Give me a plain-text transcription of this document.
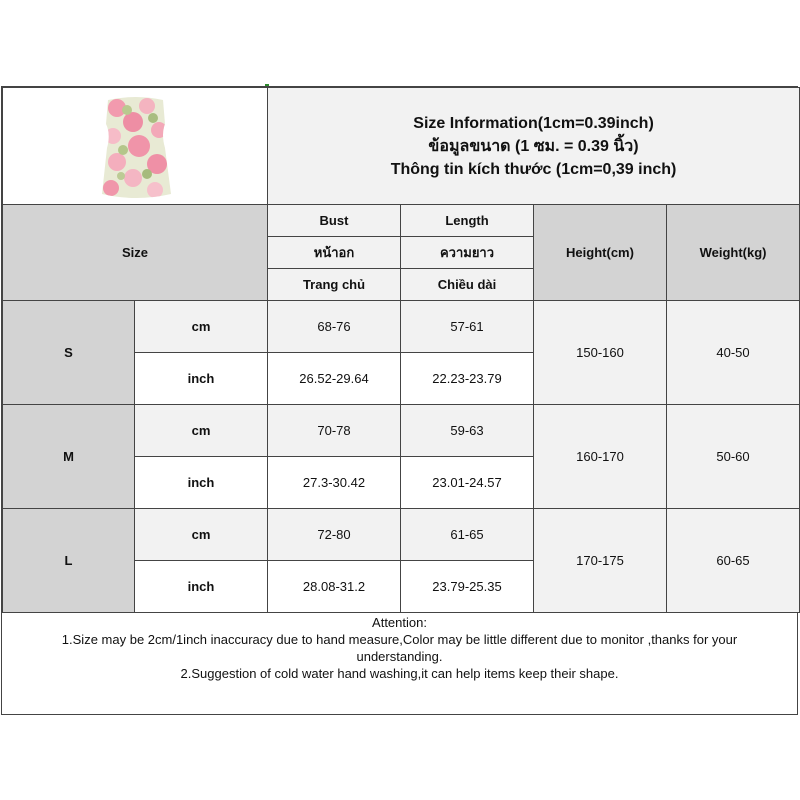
Size Information(1cm=0.39inch)
ข้อมูลขนาด (1 ซม. = 0.39 นิ้ว)
Thông tin kích thước (1cm=0,39 inch)			

Size		Bust	Length	Height(cm)	Weight(kg)
		หน้าอก	ความยาว		
		Trang chủ	Chiều dài		
S	cm	68-76	57-61	150-160	40-50
	inch	26.52-29.64	22.23-23.79		
M	cm	70-78	59-63	160-170	50-60
	inch	27.3-30.42	23.01-24.57		
L	cm	72-80	61-65	170-175	60-65
	inch	28.08-31.2	23.79-25.35		
Attention:
1.Size may be 2cm/1inch inaccuracy due to hand measure,Color may be little different due to monitor ,thanks for your understanding.
2.Suggestion of cold water hand washing,it can help items keep their shape.
